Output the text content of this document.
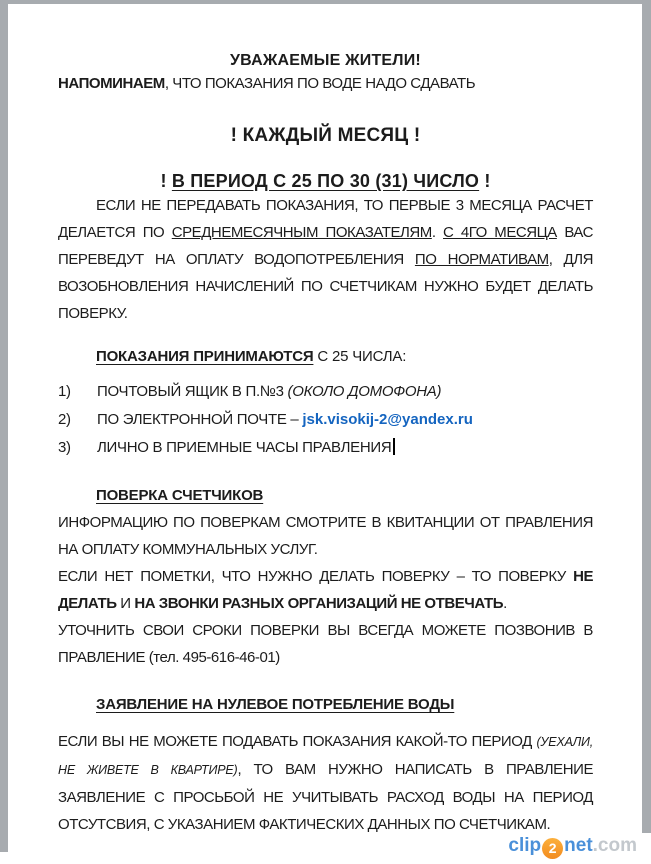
УВАЖАЕМЫЕ ЖИТЕЛИ!

НАПОМИНАЕМ, ЧТО ПОКАЗАНИЯ ПО ВОДЕ НАДО СДАВАТЬ

! КАЖДЫЙ МЕСЯЦ !

! В ПЕРИОД С 25 ПО 30 (31) ЧИСЛО !

ЕСЛИ НЕ ПЕРЕДАВАТЬ ПОКАЗАНИЯ, ТО ПЕРВЫЕ 3 МЕСЯЦА РАСЧЕТ ДЕЛАЕТСЯ ПО СРЕДНЕМЕСЯЧНЫМ ПОКАЗАТЕЛЯМ. С 4ГО МЕСЯЦА ВАС ПЕРЕВЕДУТ НА ОПЛАТУ ВОДОПОТРЕБЛЕНИЯ ПО НОРМАТИВАМ, ДЛЯ ВОЗОБНОВЛЕНИЯ НАЧИСЛЕНИЙ ПО СЧЕТЧИКАМ НУЖНО БУДЕТ ДЕЛАТЬ ПОВЕРКУ.

ПОКАЗАНИЯ ПРИНИМАЮТСЯ С 25 ЧИСЛА:
1)	ПОЧТОВЫЙ ЯЩИК В П.№3 (ОКОЛО ДОМОФОНА)
2)	ПО ЭЛЕКТРОННОЙ ПОЧТЕ – jsk.visokij-2@yandex.ru
3)	ЛИЧНО В ПРИЕМНЫЕ ЧАСЫ ПРАВЛЕНИЯ
ПОВЕРКА СЧЕТЧИКОВ

ИНФОРМАЦИЮ ПО ПОВЕРКАМ СМОТРИТЕ В КВИТАНЦИИ ОТ ПРАВЛЕНИЯ НА ОПЛАТУ КОММУНАЛЬНЫХ УСЛУГ.

ЕСЛИ НЕТ ПОМЕТКИ, ЧТО НУЖНО ДЕЛАТЬ ПОВЕРКУ – ТО ПОВЕРКУ НЕ ДЕЛАТЬ И НА ЗВОНКИ РАЗНЫХ ОРГАНИЗАЦИЙ НЕ ОТВЕЧАТЬ.

УТОЧНИТЬ СВОИ СРОКИ ПОВЕРКИ ВЫ ВСЕГДА МОЖЕТЕ ПОЗВОНИВ В ПРАВЛЕНИЕ (тел. 495-616-46-01)

ЗАЯВЛЕНИЕ НА НУЛЕВОЕ ПОТРЕБЛЕНИЕ ВОДЫ

ЕСЛИ ВЫ НЕ МОЖЕТЕ ПОДАВАТЬ ПОКАЗАНИЯ КАКОЙ-ТО ПЕРИОД (УЕХАЛИ, НЕ ЖИВЕТЕ В КВАРТИРЕ), ТО ВАМ НУЖНО НАПИСАТЬ В ПРАВЛЕНИЕ ЗАЯВЛЕНИЕ С ПРОСЬБОЙ НЕ УЧИТЫВАТЬ РАСХОД ВОДЫ НА ПЕРИОД ОТСУТСВИЯ, С УКАЗАНИЕМ ФАКТИЧЕСКИХ ДАННЫХ ПО СЧЕТЧИКАМ.

clip 2 net.com
